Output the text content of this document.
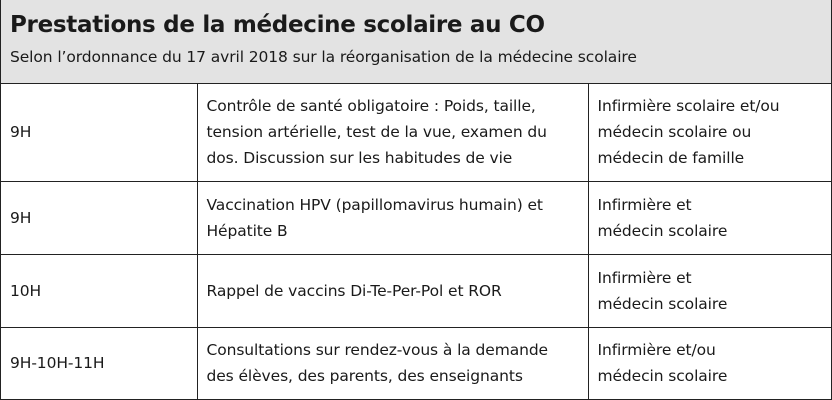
Prestations de la médecine scolaire au CO
Selon l’ordonnance du 17 avril 2018 sur la réorganisation de la médecine scolaire
9H	Contrôle de santé obligatoire : Poids, taille,
tension artérielle, test de la vue, examen du
dos. Discussion sur les habitudes de vie	Infirmière scolaire et/ou
médecin scolaire ou
médecin de famille

9H	Vaccination HPV (papillomavirus humain) et
Hépatite B	Infirmière et
médecin scolaire

10H	Rappel de vaccins Di-Te-Per-Pol et ROR	Infirmière et
médecin scolaire

9H-10H-11H	Consultations sur rendez-vous à la demande
des élèves, des parents, des enseignants	Infirmière et/ou
médecin scolaire
